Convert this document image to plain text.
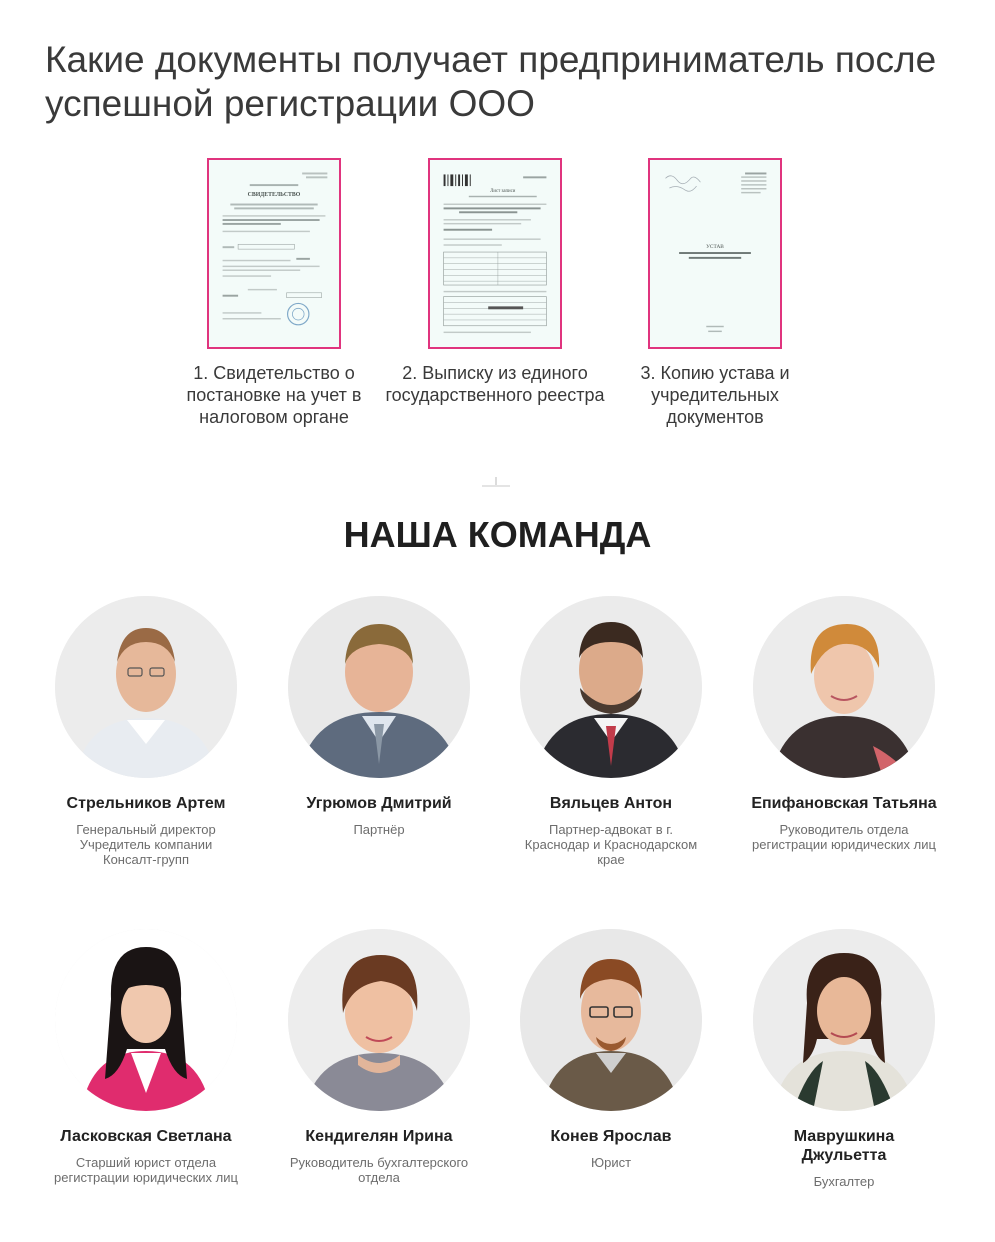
Какие документы получает предприниматель после успешной регистрации ООО
СВИДЕТЕЛЬСТВО
1. Свидетельство о постановке на учет в налоговом органе
Лист записи
2. Выписку из единого государственного реестра
УСТАВ
3. Копию устава и учредительных документов
НАША КОМАНДА
Стрельников Артем
Генеральный директор
Учредитель компании
Консалт-групп
Угрюмов Дмитрий
Партнёр
Вяльцев Антон
Партнер-адвокат в г.
Краснодар и Краснодарском
крае
Епифановская Татьяна
Руководитель отдела
регистрации юридических лиц
Ласковская Светлана
Старший юрист отдела
регистрации юридических лиц
Кендигелян Ирина
Руководитель бухгалтерского
отдела
Конев Ярослав
Юрист
Маврушкина
Джульетта
Бухгалтер
